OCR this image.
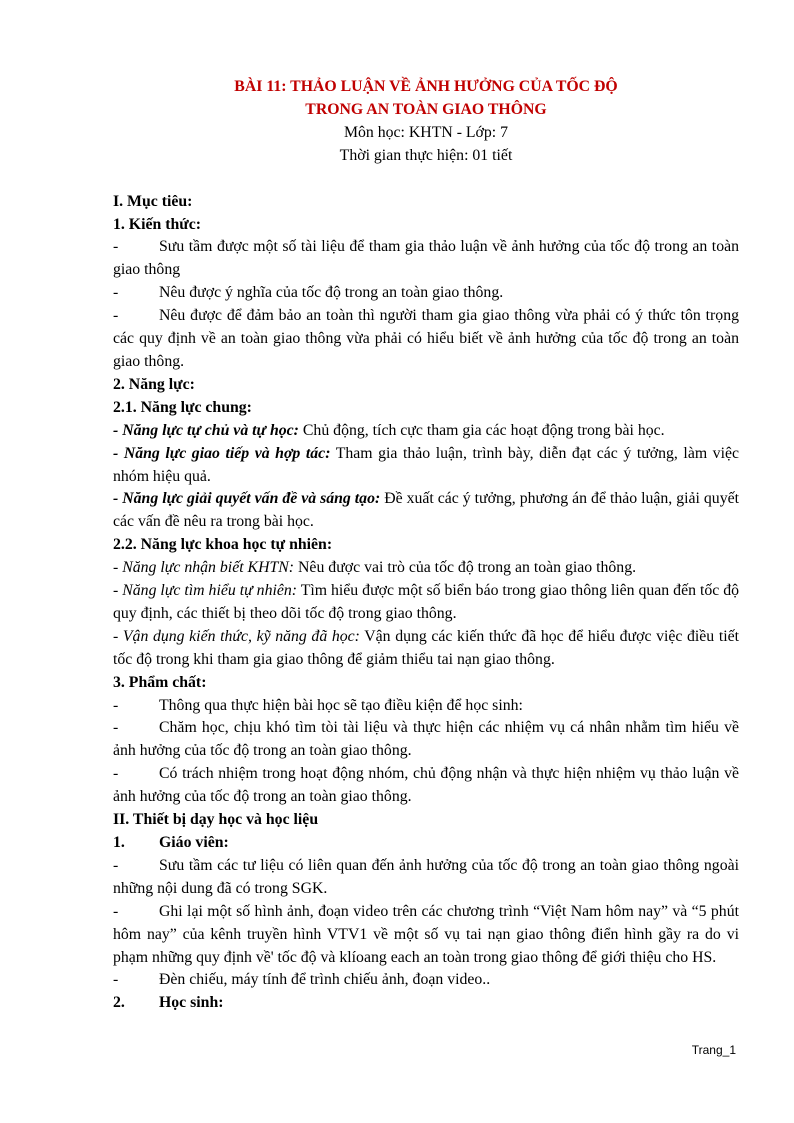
BÀI 11: THẢO LUẬN VỀ ẢNH HƯỞNG CỦA TỐC ĐỘ
TRONG AN TOÀN GIAO THÔNG
Môn học: KHTN - Lớp: 7
Thời gian thực hiện: 01 tiết
I. Mục tiêu:
1. Kiến thức:
-	Sưu tầm được một số tài liệu để tham gia thảo luận về ảnh hưởng của tốc độ trong an toàn giao thông
-	Nêu được ý nghĩa của tốc độ trong an toàn giao thông.
-	Nêu được để đảm bảo an toàn thì người tham gia giao thông vừa phải có ý thức tôn trọng các quy định về an toàn giao thông vừa phải có hiểu biết về ảnh hưởng của tốc độ trong an toàn giao thông.
2. Năng lực:
2.1. Năng lực chung:
- Năng lực tự chủ và tự học: Chủ động, tích cực tham gia các hoạt động trong bài học.
- Năng lực giao tiếp và hợp tác: Tham gia thảo luận, trình bày, diễn đạt các ý tưởng, làm việc nhóm hiệu quả.
- Năng lực giải quyết vấn đề và sáng tạo: Đề xuất các ý tưởng, phương án để thảo luận, giải quyết các vấn đề nêu ra trong bài học.
2.2. Năng lực khoa học tự nhiên:
- Năng lực nhận biết KHTN: Nêu được vai trò của tốc độ trong an toàn giao thông.
- Năng lực tìm hiểu tự nhiên: Tìm hiểu được một số biển báo trong giao thông liên quan đến tốc độ quy định, các thiết bị theo dõi tốc độ trong giao thông.
- Vận dụng kiến thức, kỹ năng đã học: Vận dụng các kiến thức đã học để hiểu được việc điều tiết tốc độ trong khi tham gia giao thông để giảm thiểu tai nạn giao thông.
3. Phẩm chất:
-	Thông qua thực hiện bài học sẽ tạo điều kiện để học sinh:
-	Chăm học, chịu khó tìm tòi tài liệu và thực hiện các nhiệm vụ cá nhân nhằm tìm hiểu về ảnh hưởng của tốc độ trong an toàn giao thông.
-	Có trách nhiệm trong hoạt động nhóm, chủ động nhận và thực hiện nhiệm vụ thảo luận về ảnh hưởng của tốc độ trong an toàn giao thông.
II. Thiết bị dạy học và học liệu
1. Giáo viên:
-	Sưu tầm các tư liệu có liên quan đến ảnh hưởng của tốc độ trong an toàn giao thông ngoài những nội dung đã có trong SGK.
-	Ghi lại một số hình ảnh, đoạn video trên các chương trình “Việt Nam hôm nay” và “5 phút hôm nay” của kênh truyền hình VTV1 về một số vụ tai nạn giao thông điển hình gầy ra do vi phạm những quy định về' tốc độ và klíoang each an toàn trong giao thông để giới thiệu cho HS.
-	Đèn chiếu, máy tính để trình chiếu ảnh, đoạn video..
2. Học sinh:
Trang_1
